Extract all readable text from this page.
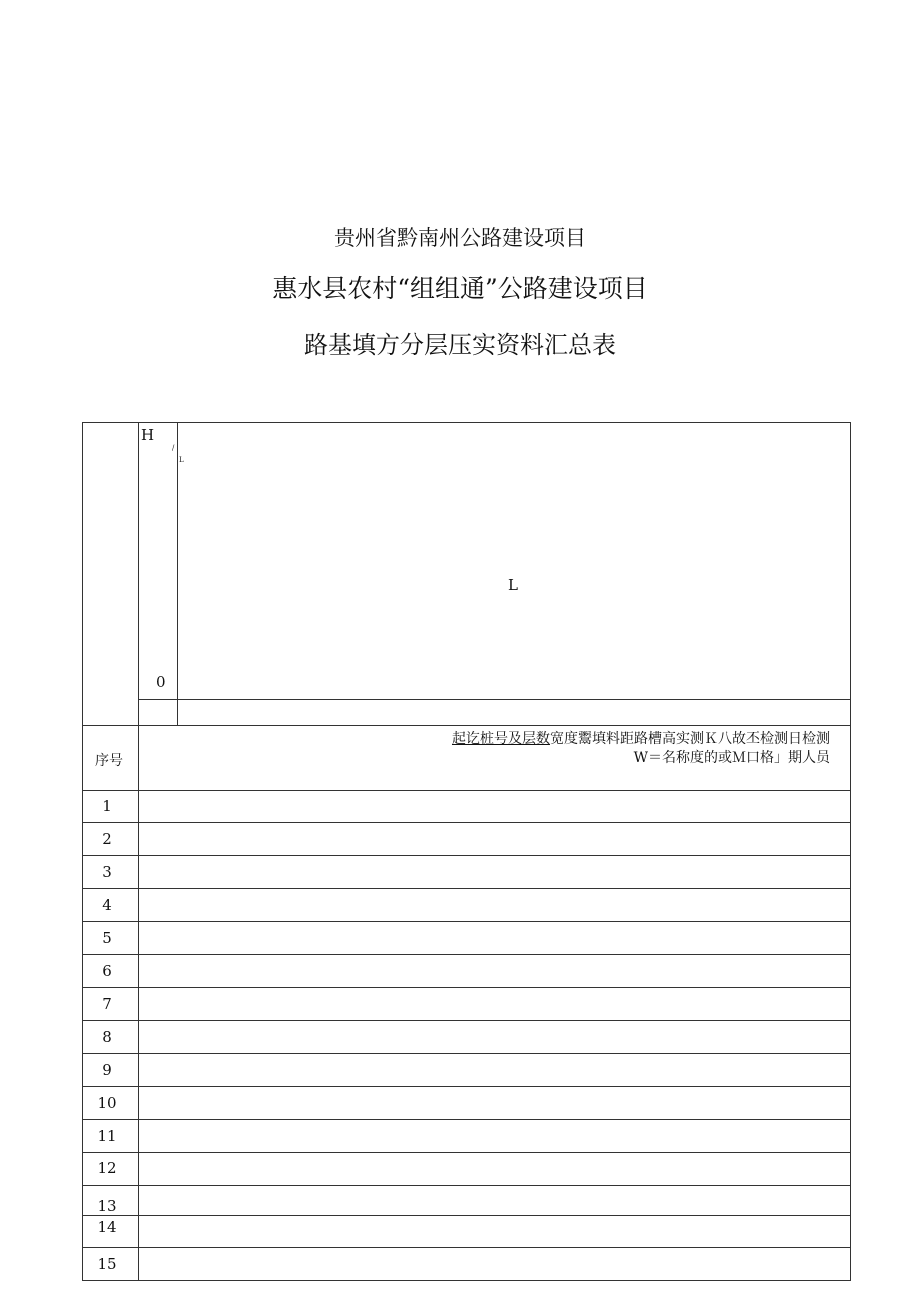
贵州省黔南州公路建设项目
惠水县农村“组组通”公路建设项目
路基填方分层压实资料汇总表
H
/
L
L
0
序号
起讫桩号及层数宽度鬻填料距路槽高实测Ｋ八故丕检测日检测
W＝名称度的或Ｍ口格」期人员
1
2
3
4
5
6
7
8
9
10
11
12
13
14
15
